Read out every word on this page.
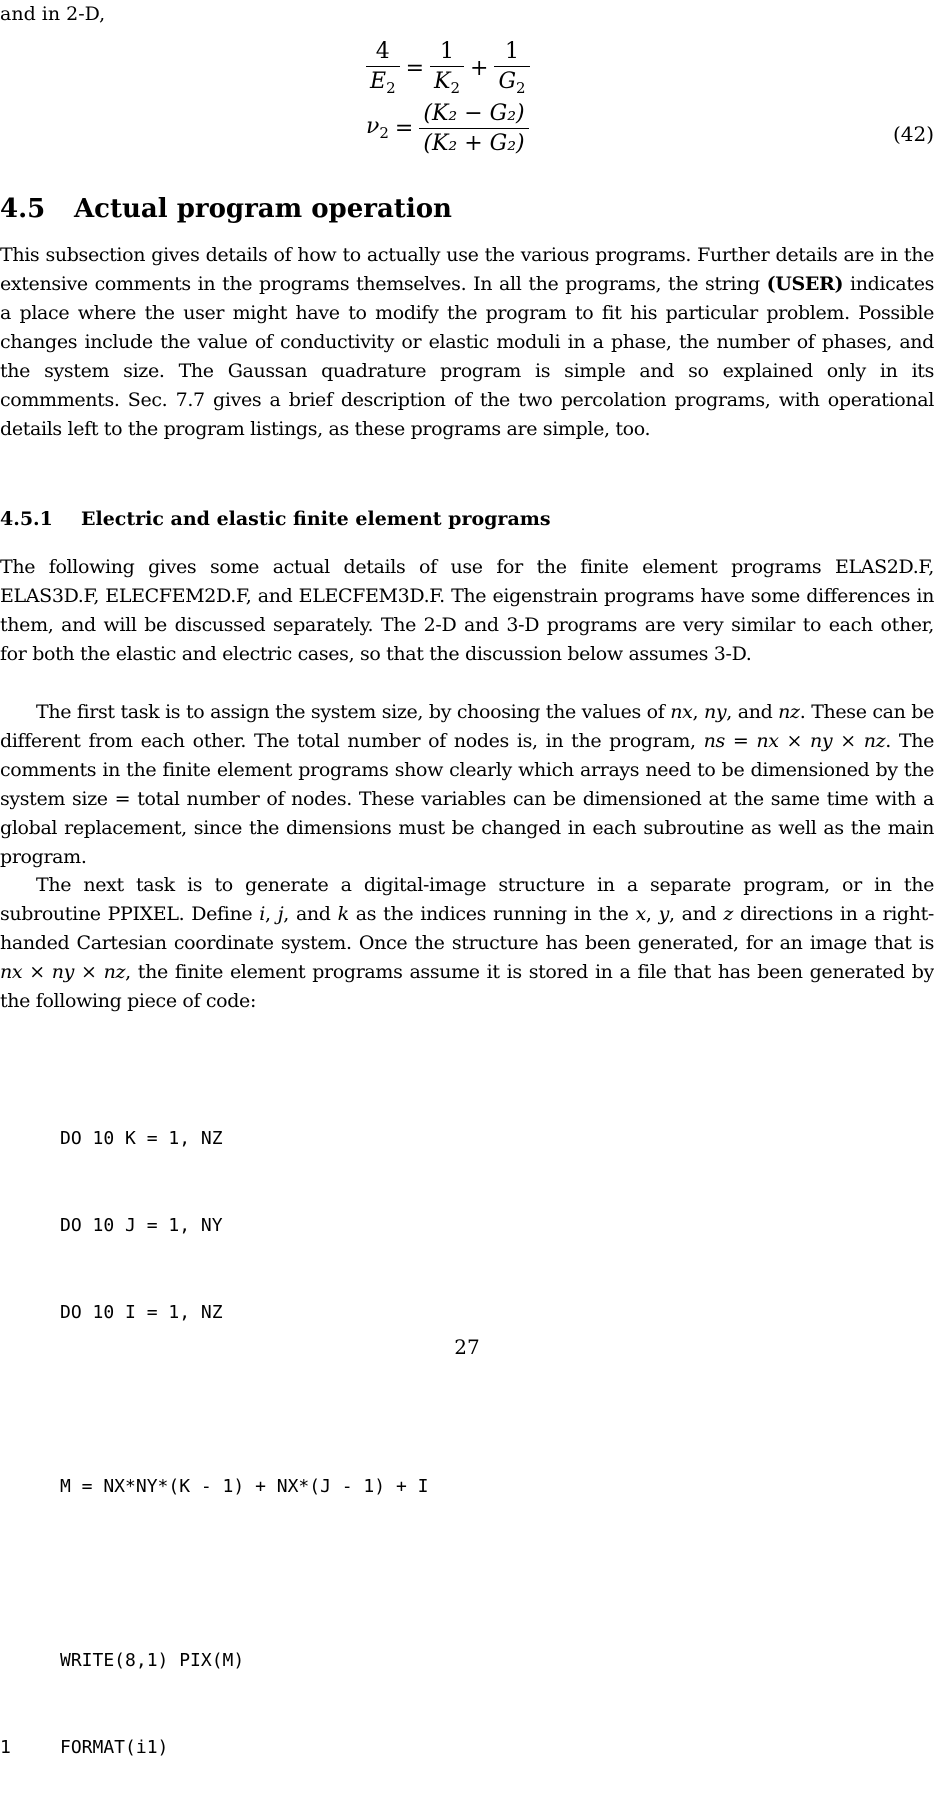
and in 2-D,
$\frac{4}{E_2} = \frac{1}{K_2} + \frac{1}{G_2}$
$\nu_2 = \frac{\text{(K₂ − G₂)}}{\text{(K₂ + G₂)}}$	(42)
4.5 Actual program operation

This subsection gives details of how to actually use the various programs. Further details are in the extensive comments in the programs themselves. In all the programs, the string (USER) indicates a place where the user might have to modify the program to fit his particular problem. Possible changes include the value of conductivity or elastic moduli in a phase, the number of phases, and the system size. The Gaussan quadrature program is simple and so explained only in its commments. Sec. 7.7 gives a brief description of the two percolation programs, with operational details left to the program listings, as these programs are simple, too.

4.5.1 Electric and elastic finite element programs

The following gives some actual details of use for the finite element programs ELAS2D.F, ELAS3D.F, ELECFEM2D.F, and ELECFEM3D.F. The eigenstrain programs have some differences in them, and will be discussed separately. The 2-D and 3-D programs are very similar to each other, for both the elastic and electric cases, so that the discussion below assumes 3-D.

The first task is to assign the system size, by choosing the values of nx, ny, and nz. These can be different from each other. The total number of nodes is, in the program, ns = nx × ny × nz. The comments in the finite element programs show clearly which arrays need to be dimensioned by the system size = total number of nodes. These variables can be dimensioned at the same time with a global replacement, since the dimensions must be changed in each subroutine as well as the main program.

The next task is to generate a digital-image structure in a separate program, or in the subroutine PPIXEL. Define i, j, and k as the indices running in the x, y, and z directions in a right-handed Cartesian coordinate system. Once the structure has been generated, for an image that is nx × ny × nz, the finite element programs assume it is stored in a file that has been generated by the following piece of code:

DO 10 K = 1, NZ

DO 10 J = 1, NY

DO 10 I = 1, NZ

M = NX*NY*(K - 1) + NX*(J - 1) + I

WRITE(8,1) PIX(M)

1	FORMAT(i1)

27
